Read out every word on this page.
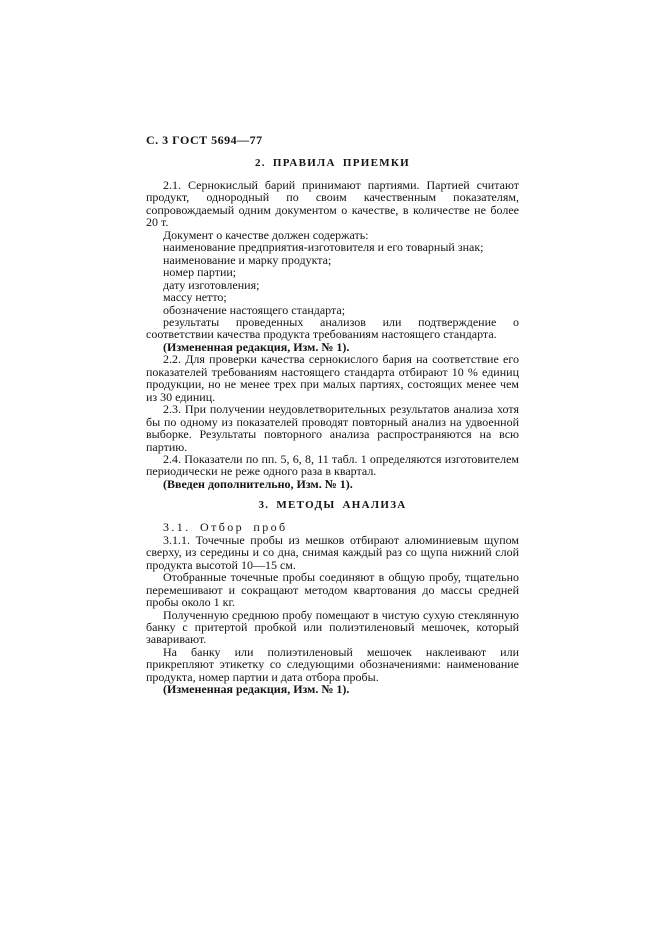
С. 3 ГОСТ 5694—77
2. ПРАВИЛА ПРИЕМКИ

2.1. Сернокислый барий принимают партиями. Партией считают продукт, однородный по своим качественным показателям, сопровождаемый одним документом о качестве, в количестве не более 20 т.

Документ о качестве должен содержать:

наименование предприятия-изготовителя и его товарный знак;

наименование и марку продукта;

номер партии;

дату изготовления;

массу нетто;

обозначение настоящего стандарта;

результаты проведенных анализов или подтверждение о соответствии качества продукта требованиям настоящего стандарта.

(Измененная редакция, Изм. № 1).

2.2. Для проверки качества сернокислого бария на соответствие его показателей требованиям настоящего стандарта отбирают 10 % единиц продукции, но не менее трех при малых партиях, состоящих менее чем из 30 единиц.

2.3. При получении неудовлетворительных результатов анализа хотя бы по одному из показателей проводят повторный анализ на удвоенной выборке. Результаты повторного анализа распространяются на всю партию.

2.4. Показатели по пп. 5, 6, 8, 11 табл. 1 определяются изготовителем периодически не реже одного раза в квартал.

(Введен дополнительно, Изм. № 1).

3. МЕТОДЫ АНАЛИЗА

3.1. Отбор проб

3.1.1. Точечные пробы из мешков отбирают алюминиевым щупом сверху, из середины и со дна, снимая каждый раз со щупа нижний слой продукта высотой 10—15 см.

Отобранные точечные пробы соединяют в общую пробу, тщательно перемешивают и сокращают методом квартования до массы средней пробы около 1 кг.

Полученную среднюю пробу помещают в чистую сухую стеклянную банку с притертой пробкой или полиэтиленовый мешочек, который заваривают.

На банку или полиэтиленовый мешочек наклеивают или прикрепляют этикетку со следующими обозначениями: наименование продукта, номер партии и дата отбора пробы.

(Измененная редакция, Изм. № 1).
